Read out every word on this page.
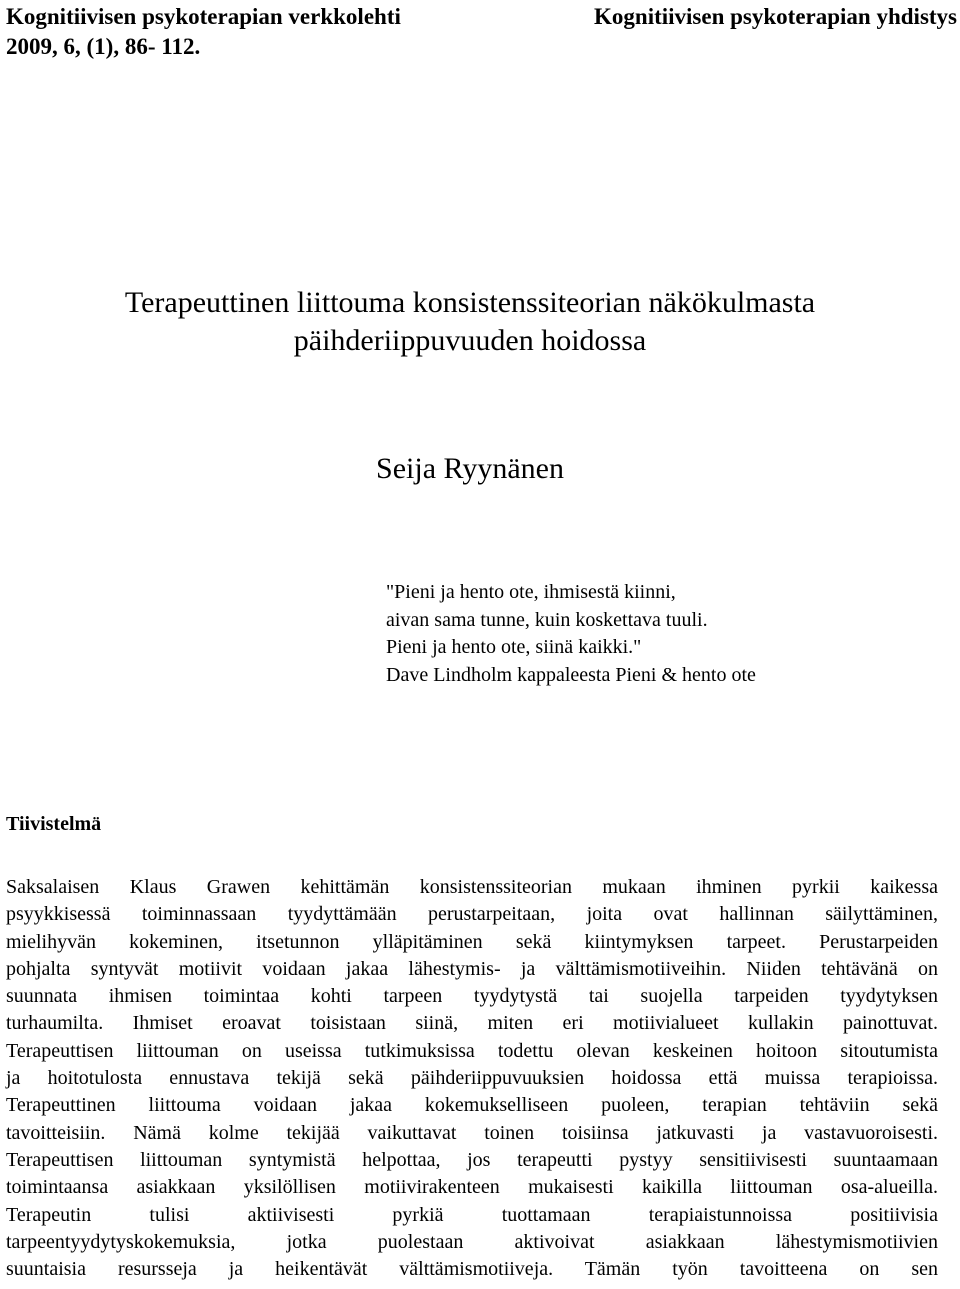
Kognitiivisen psykoterapian verkkolehti
2009, 6, (1), 86- 112.
Kognitiivisen psykoterapian yhdistys
Terapeuttinen liittouma konsistenssiteorian näkökulmasta
päihderiippuvuuden hoidossa
Seija Ryynänen
"Pieni ja hento ote, ihmisestä kiinni,
aivan sama tunne, kuin koskettava tuuli.
Pieni ja hento ote, siinä kaikki."
Dave Lindholm kappaleesta Pieni & hento ote
Tiivistelmä
Saksalaisen Klaus Grawen kehittämän konsistenssiteorian mukaan ihminen pyrkii kaikessa
psyykkisessä toiminnassaan tyydyttämään perustarpeitaan, joita ovat hallinnan säilyttäminen,
mielihyvän kokeminen, itsetunnon ylläpitäminen sekä kiintymyksen tarpeet. Perustarpeiden
pohjalta syntyvät motiivit voidaan jakaa lähestymis- ja välttämismotiiveihin. Niiden tehtävänä on
suunnata ihmisen toimintaa kohti tarpeen tyydytystä tai suojella tarpeiden tyydytyksen
turhaumilta. Ihmiset eroavat toisistaan siinä, miten eri motiivialueet kullakin painottuvat.
Terapeuttisen liittouman on useissa tutkimuksissa todettu olevan keskeinen hoitoon sitoutumista
ja hoitotulosta ennustava tekijä sekä päihderiippuvuuksien hoidossa että muissa terapioissa.
Terapeuttinen liittouma voidaan jakaa kokemukselliseen puoleen, terapian tehtäviin sekä
tavoitteisiin. Nämä kolme tekijää vaikuttavat toinen toisiinsa jatkuvasti ja vastavuoroisesti.
Terapeuttisen liittouman syntymistä helpottaa, jos terapeutti pystyy sensitiivisesti suuntaamaan
toimintaansa asiakkaan yksilöllisen motiivirakenteen mukaisesti kaikilla liittouman osa-alueilla.
Terapeutin tulisi aktiivisesti pyrkiä tuottamaan terapiaistunnoissa positiivisia
tarpeentyydytyskokemuksia, jotka puolestaan aktivoivat asiakkaan lähestymismotiivien
suuntaisia resursseja ja heikentävät välttämismotiiveja. Tämän työn tavoitteena on sen
